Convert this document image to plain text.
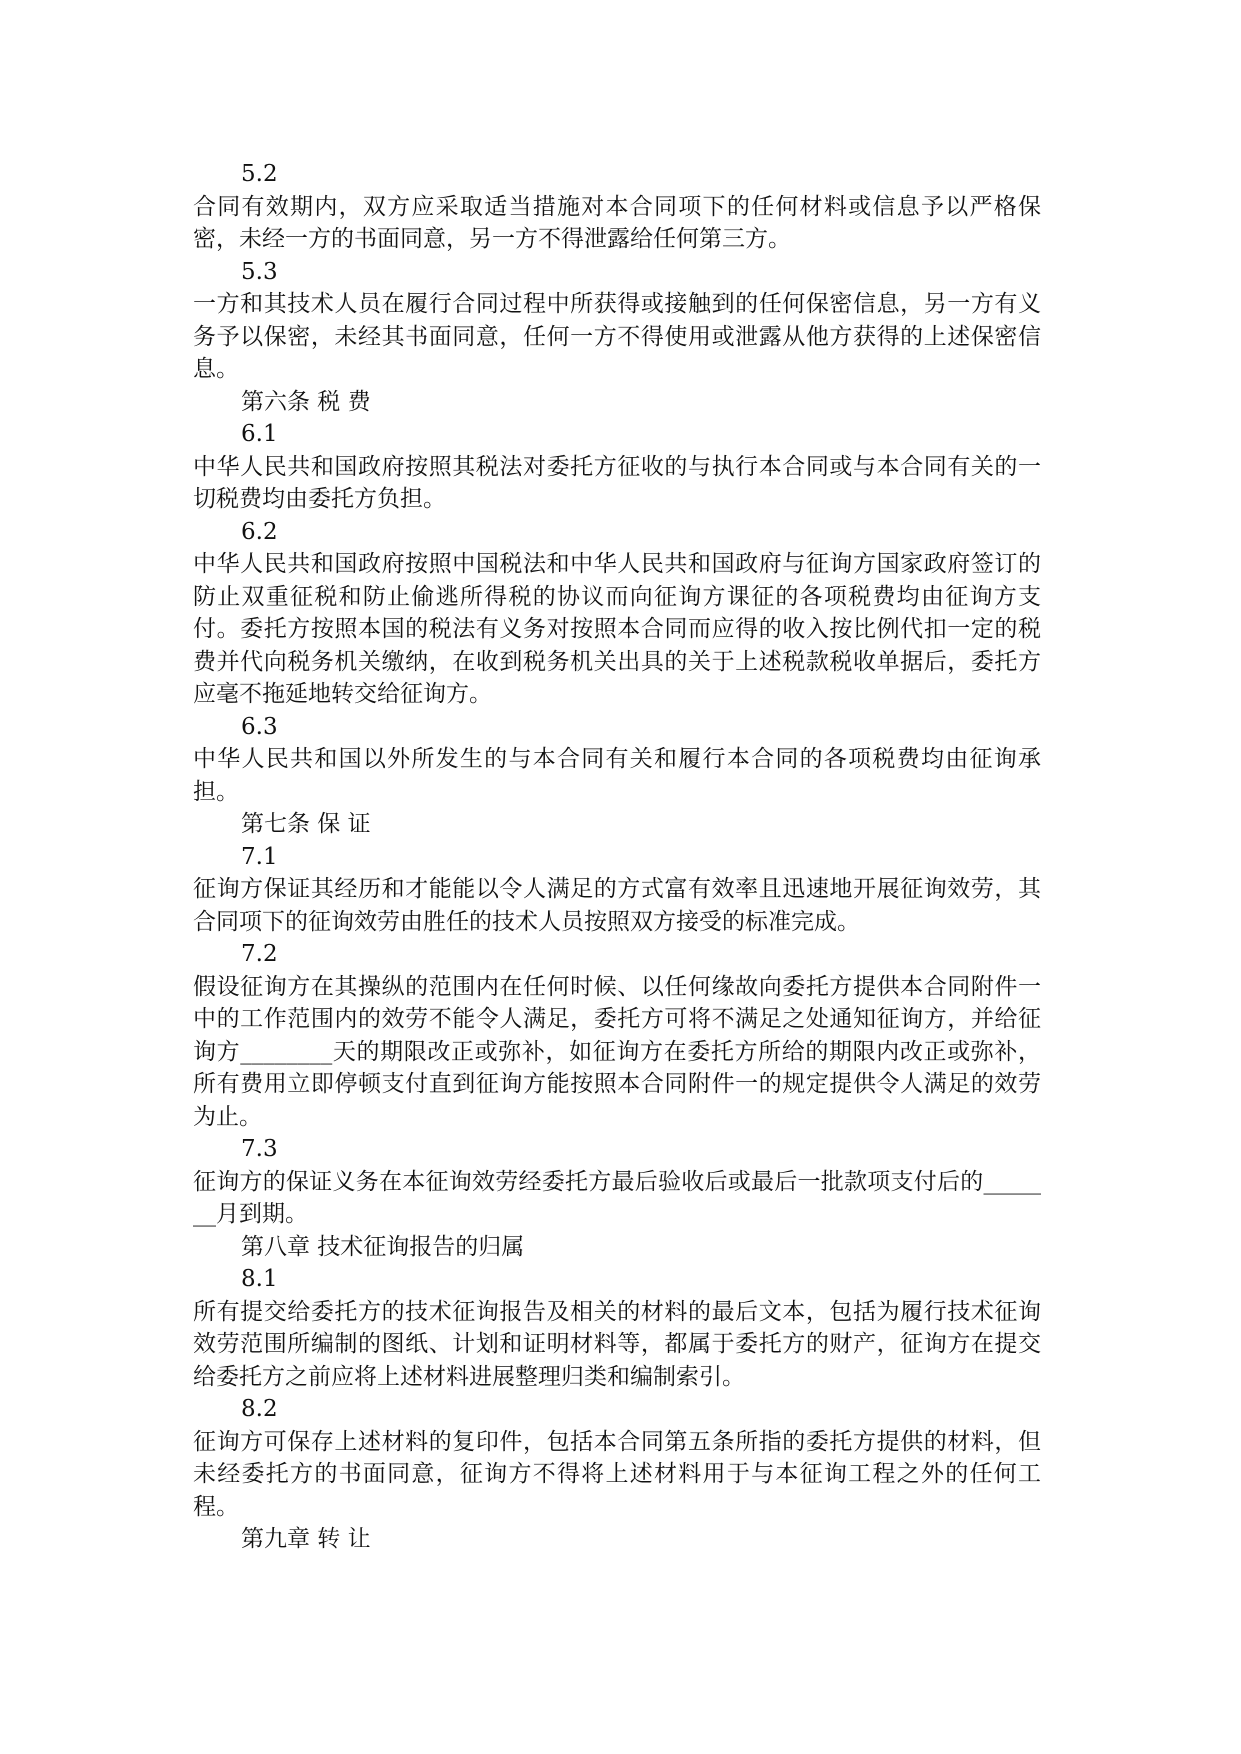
5.2

合同有效期内，双方应采取适当措施对本合同项下的任何材料或信息予以严格保密，未经一方的书面同意，另一方不得泄露给任何第三方。

5.3

一方和其技术人员在履行合同过程中所获得或接触到的任何保密信息，另一方有义务予以保密，未经其书面同意，任何一方不得使用或泄露从他方获得的上述保密信息。

第六条 税 费

6.1

中华人民共和国政府按照其税法对委托方征收的与执行本合同或与本合同有关的一切税费均由委托方负担。

6.2

中华人民共和国政府按照中国税法和中华人民共和国政府与征询方国家政府签订的防止双重征税和防止偷逃所得税的协议而向征询方课征的各项税费均由征询方支付。委托方按照本国的税法有义务对按照本合同而应得的收入按比例代扣一定的税费并代向税务机关缴纳，在收到税务机关出具的关于上述税款税收单据后，委托方应毫不拖延地转交给征询方。

6.3

中华人民共和国以外所发生的与本合同有关和履行本合同的各项税费均由征询承担。

第七条 保 证

7.1

征询方保证其经历和才能能以令人满足的方式富有效率且迅速地开展征询效劳，其合同项下的征询效劳由胜任的技术人员按照双方接受的标准完成。

7.2

假设征询方在其操纵的范围内在任何时候、以任何缘故向委托方提供本合同附件一中的工作范围内的效劳不能令人满足，委托方可将不满足之处通知征询方，并给征询方________天的期限改正或弥补，如征询方在委托方所给的期限内改正或弥补，所有费用立即停顿支付直到征询方能按照本合同附件一的规定提供令人满足的效劳为止。

7.3

征询方的保证义务在本征询效劳经委托方最后验收后或最后一批款项支付后的_______月到期。

第八章 技术征询报告的归属

8.1

所有提交给委托方的技术征询报告及相关的材料的最后文本，包括为履行技术征询效劳范围所编制的图纸、计划和证明材料等，都属于委托方的财产，征询方在提交给委托方之前应将上述材料进展整理归类和编制索引。

8.2

征询方可保存上述材料的复印件，包括本合同第五条所指的委托方提供的材料，但未经委托方的书面同意，征询方不得将上述材料用于与本征询工程之外的任何工程。

第九章 转 让
